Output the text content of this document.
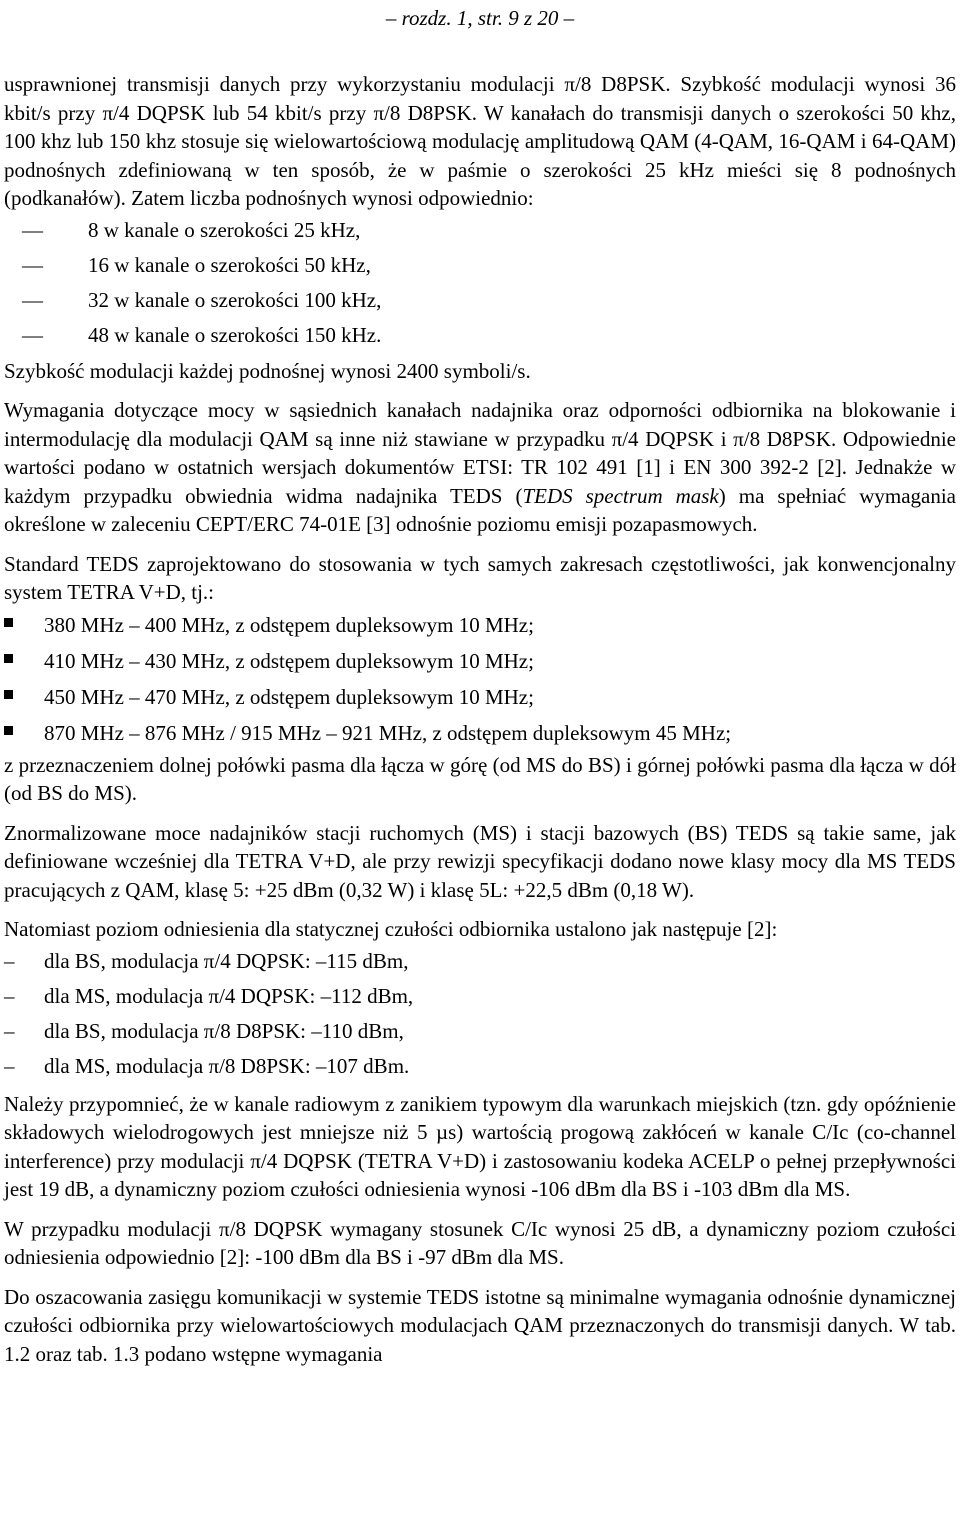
– rozdz. 1, str. 9 z 20 –

usprawnionej transmisji danych przy wykorzystaniu modulacji π/8 D8PSK. Szybkość modulacji wynosi 36 kbit/s przy π/4 DQPSK lub 54 kbit/s przy π/8 D8PSK. W kanałach do transmisji danych o szerokości 50 khz, 100 khz lub 150 khz stosuje się wielowartościową modulację amplitudową QAM (4-QAM, 16-QAM i 64-QAM) podnośnych zdefiniowaną w ten sposób, że w paśmie o szerokości 25 kHz mieści się 8 podnośnych (podkanałów). Zatem liczba podnośnych wynosi odpowiednio:

—
8 w kanale o szerokości 25 kHz,
—
16 w kanale o szerokości 50 kHz,
—
32 w kanale o szerokości 100 kHz,
—
48 w kanale o szerokości 150 kHz.

Szybkość modulacji każdej podnośnej wynosi 2400 symboli/s.

Wymagania dotyczące mocy w sąsiednich kanałach nadajnika oraz odporności odbiornika na blokowanie i intermodulację dla modulacji QAM są inne niż stawiane w przypadku π/4 DQPSK i π/8 D8PSK. Odpowiednie wartości podano w ostatnich wersjach dokumentów ETSI: TR 102 491 [1] i EN 300 392-2 [2]. Jednakże w każdym przypadku obwiednia widma nadajnika TEDS (TEDS spectrum mask) ma spełniać wymagania określone w zaleceniu CEPT/ERC 74-01E [3] odnośnie poziomu emisji pozapasmowych.

Standard TEDS zaprojektowano do stosowania w tych samych zakresach częstotliwości, jak konwencjonalny system TETRA V+D, tj.:

380 MHz – 400 MHz, z odstępem dupleksowym 10 MHz;
410 MHz – 430 MHz, z odstępem dupleksowym 10 MHz;
450 MHz – 470 MHz, z odstępem dupleksowym 10 MHz;
870 MHz – 876 MHz / 915 MHz – 921 MHz, z odstępem dupleksowym 45 MHz;

z przeznaczeniem dolnej połówki pasma dla łącza w górę (od MS do BS) i górnej połówki pasma dla łącza w dół (od BS do MS).

Znormalizowane moce nadajników stacji ruchomych (MS) i stacji bazowych (BS) TEDS są takie same, jak definiowane wcześniej dla TETRA V+D, ale przy rewizji specyfikacji dodano nowe klasy mocy dla MS TEDS pracujących z QAM, klasę 5: +25 dBm (0,32 W) i klasę 5L: +22,5 dBm (0,18 W).

Natomiast poziom odniesienia dla statycznej czułości odbiornika ustalono jak następuje [2]:

–
dla BS, modulacja π/4 DQPSK: –115 dBm,
–
dla MS, modulacja π/4 DQPSK: –112 dBm,
–
dla BS, modulacja π/8 D8PSK: –110 dBm,
–
dla MS, modulacja π/8 D8PSK: –107 dBm.

Należy przypomnieć, że w kanale radiowym z zanikiem typowym dla warunkach miejskich (tzn. gdy opóźnienie składowych wielodrogowych jest mniejsze niż 5 µs) wartością progową zakłóceń w kanale C/Ic (co-channel interference) przy modulacji π/4 DQPSK (TETRA V+D) i zastosowaniu kodeka ACELP o pełnej przepływności jest 19 dB, a dynamiczny poziom czułości odniesienia wynosi -106 dBm dla BS i -103 dBm dla MS.

W przypadku modulacji π/8 DQPSK wymagany stosunek C/Ic wynosi 25 dB, a dynamiczny poziom czułości odniesienia odpowiednio [2]: -100 dBm dla BS i -97 dBm dla MS.

Do oszacowania zasięgu komunikacji w systemie TEDS istotne są minimalne wymagania odnośnie dynamicznej czułości odbiornika przy wielowartościowych modulacjach QAM przeznaczonych do transmisji danych. W tab. 1.2 oraz tab. 1.3 podano wstępne wymagania
